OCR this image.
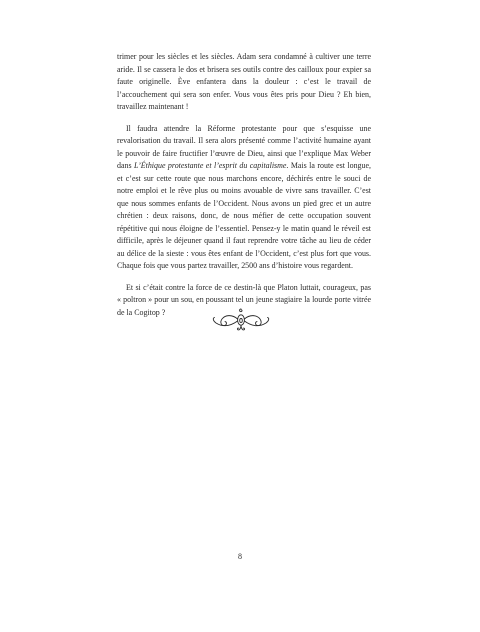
trimer pour les siècles et les siècles. Adam sera condamné à cultiver une terre aride. Il se cassera le dos et brisera ses outils contre des cailloux pour expier sa faute originelle. Ève enfantera dans la douleur : c’est le travail de l’accouchement qui sera son enfer. Vous vous êtes pris pour Dieu ? Eh bien, travaillez maintenant !

Il faudra attendre la Réforme protestante pour que s’esquisse une revalorisation du travail. Il sera alors présenté comme l’activité humaine ayant le pouvoir de faire fructifier l’œuvre de Dieu, ainsi que l’explique Max Weber dans L’Éthique protestante et l’esprit du capitalisme. Mais la route est longue, et c’est sur cette route que nous marchons encore, déchirés entre le souci de notre emploi et le rêve plus ou moins avouable de vivre sans travailler. C’est que nous sommes enfants de l’Occident. Nous avons un pied grec et un autre chrétien : deux raisons, donc, de nous méfier de cette occupation souvent répétitive qui nous éloigne de l’essentiel. Pensez-y le matin quand le réveil est difficile, après le déjeuner quand il faut reprendre votre tâche au lieu de céder au délice de la sieste : vous êtes enfant de l’Occident, c’est plus fort que vous. Chaque fois que vous partez travailler, 2500 ans d’histoire vous regardent.

Et si c’était contre la force de ce destin-là que Platon luttait, courageux, pas « poltron » pour un sou, en poussant tel un jeune stagiaire la lourde porte vitrée de la Cogitop ?

8
